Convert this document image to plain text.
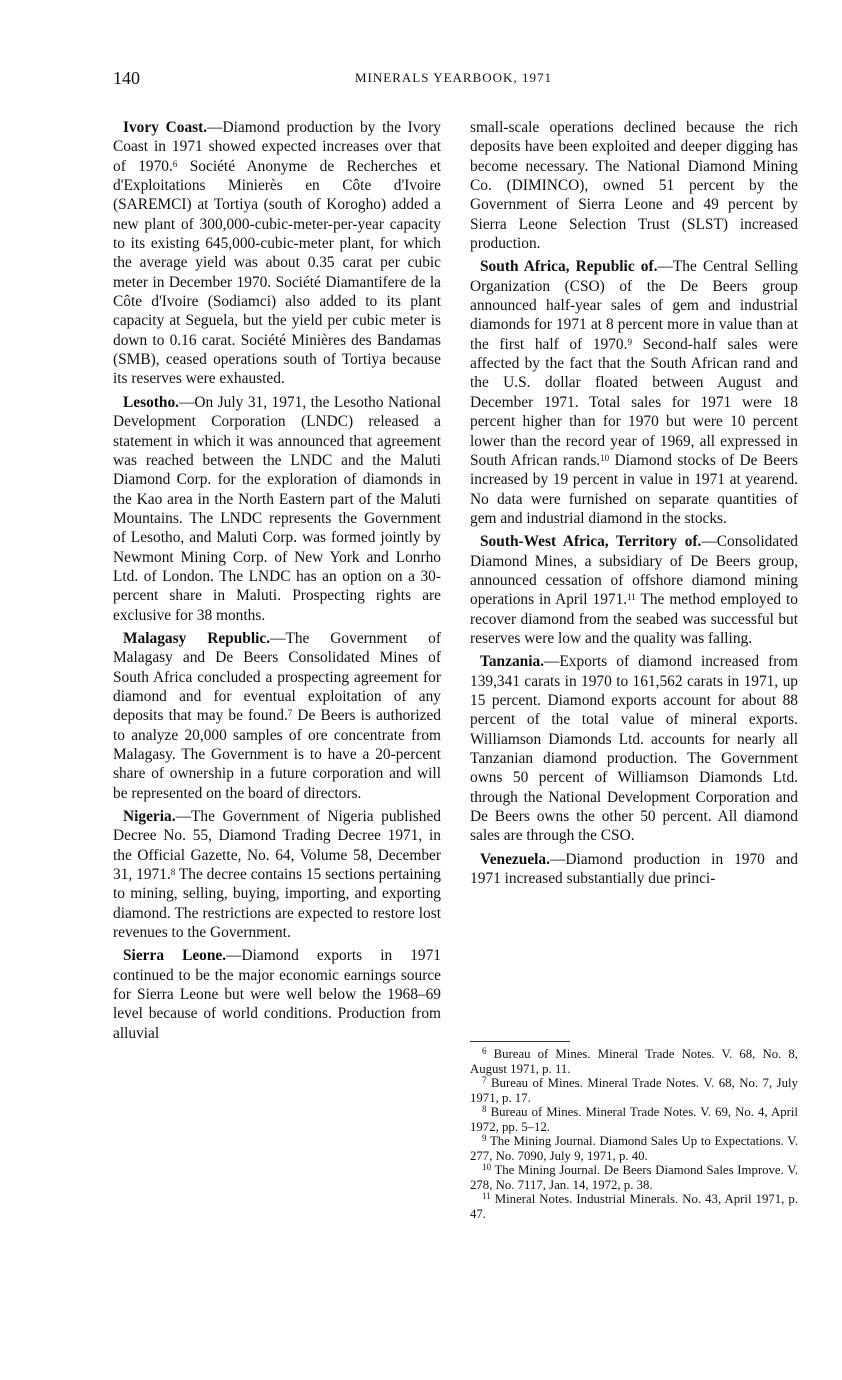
140	MINERALS YEARBOOK, 1971

Ivory Coast.—Diamond production by the Ivory Coast in 1971 showed expected increases over that of 1970.$^6$ Société Anonyme de Recherches et d'Exploitations Minierès en Côte d'Ivoire (SAREMCI) at Tortiya (south of Korogho) added a new plant of 300,000-cubic-meter-per-year capacity to its existing 645,000-cubic-meter plant, for which the average yield was about 0.35 carat per cubic meter in December 1970. Société Diamantifere de la Côte d'Ivoire (Sodiamci) also added to its plant capacity at Seguela, but the yield per cubic meter is down to 0.16 carat. Société Minières des Bandamas (SMB), ceased operations south of Tortiya because its reserves were exhausted.

Lesotho.—On July 31, 1971, the Lesotho National Development Corporation (LNDC) released a statement in which it was announced that agreement was reached between the LNDC and the Maluti Diamond Corp. for the exploration of diamonds in the Kao area in the North Eastern part of the Maluti Mountains. The LNDC represents the Government of Lesotho, and Maluti Corp. was formed jointly by Newmont Mining Corp. of New York and Lonrho Ltd. of London. The LNDC has an option on a 30-percent share in Maluti. Prospecting rights are exclusive for 38 months.

Malagasy Republic.—The Government of Malagasy and De Beers Consolidated Mines of South Africa concluded a prospecting agreement for diamond and for eventual exploitation of any deposits that may be found.$^7$ De Beers is authorized to analyze 20,000 samples of ore concentrate from Malagasy. The Government is to have a 20-percent share of ownership in a future corporation and will be represented on the board of directors.

Nigeria.—The Government of Nigeria published Decree No. 55, Diamond Trading Decree 1971, in the Official Gazette, No. 64, Volume 58, December 31, 1971.$^8$ The decree contains 15 sections pertaining to mining, selling, buying, importing, and exporting diamond. The restrictions are expected to restore lost revenues to the Government.

Sierra Leone.—Diamond exports in 1971 continued to be the major economic earnings source for Sierra Leone but were well below the 1968–69 level because of world conditions. Production from alluvial

small-scale operations declined because the rich deposits have been exploited and deeper digging has become necessary. The National Diamond Mining Co. (DIMINCO), owned 51 percent by the Government of Sierra Leone and 49 percent by Sierra Leone Selection Trust (SLST) increased production.

South Africa, Republic of.—The Central Selling Organization (CSO) of the De Beers group announced half-year sales of gem and industrial diamonds for 1971 at 8 percent more in value than at the first half of 1970.$^9$ Second-half sales were affected by the fact that the South African rand and the U.S. dollar floated between August and December 1971. Total sales for 1971 were 18 percent higher than for 1970 but were 10 percent lower than the record year of 1969, all expressed in South African rands.$^{10}$ Diamond stocks of De Beers increased by 19 percent in value in 1971 at yearend. No data were furnished on separate quantities of gem and industrial diamond in the stocks.

South-West Africa, Territory of.—Consolidated Diamond Mines, a subsidiary of De Beers group, announced cessation of offshore diamond mining operations in April 1971.11 The method employed to recover diamond from the seabed was successful but reserves were low and the quality was falling.

Tanzania.—Exports of diamond increased from 139,341 carats in 1970 to 161,562 carats in 1971, up 15 percent. Diamond exports account for about 88 percent of the total value of mineral exports. Williamson Diamonds Ltd. accounts for nearly all Tanzanian diamond production. The Government owns 50 percent of Williamson Diamonds Ltd. through the National Development Corporation and De Beers owns the other 50 percent. All diamond sales are through the CSO.

Venezuela.—Diamond production in 1970 and 1971 increased substantially due princi-

$^6$ Bureau of Mines. Mineral Trade Notes. V. 68, No. 8, August 1971, p. 11.

$^7$ Bureau of Mines. Mineral Trade Notes. V. 68, No. 7, July 1971, p. 17.

$^8$ Bureau of Mines. Mineral Trade Notes. V. 69, No. 4, April 1972, pp. 5–12.

$^9$ The Mining Journal. Diamond Sales Up to Expectations. V. 277, No. 7090, July 9, 1971, p. 40.

$^{10}$ The Mining Journal. De Beers Diamond Sales Improve. V. 278, No. 7117, Jan. 14, 1972, p. 38.

$^{11}$ Mineral Notes. Industrial Minerals. No. 43, April 1971, p. 47.
